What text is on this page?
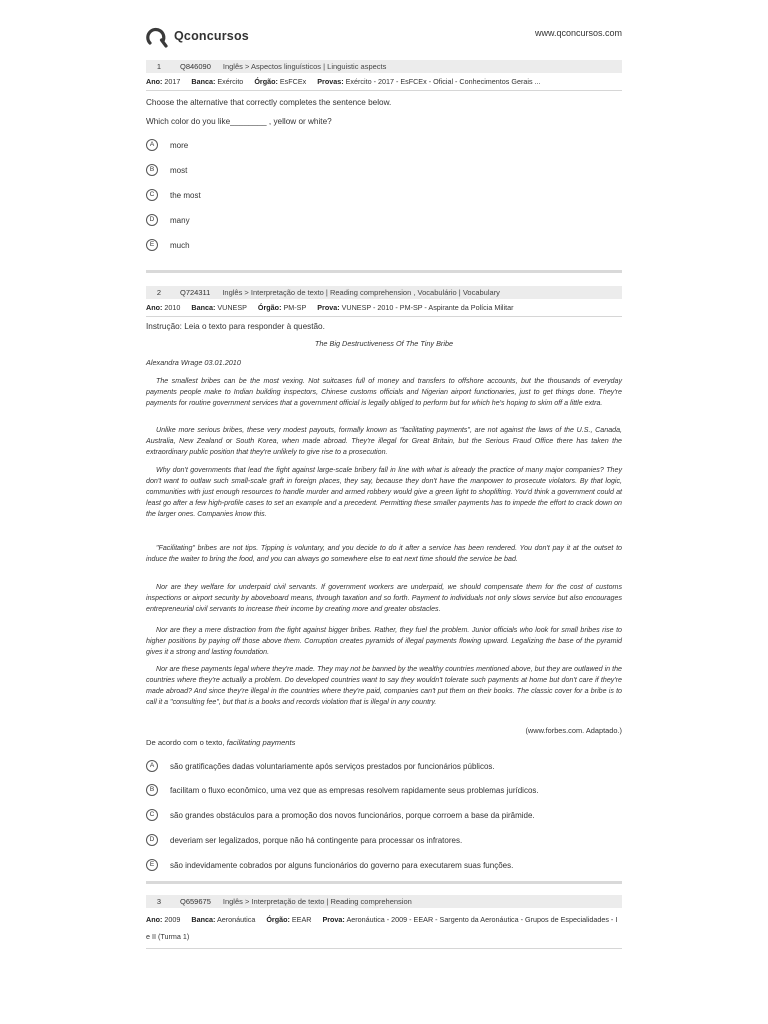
Qconcursos	www.qconcursos.com
1	Q846090 Inglês > Aspectos linguísticos | Linguistic aspects
Ano: 2017 Banca: Exército Órgão: EsFCEx Provas: Exército - 2017 - EsFCEx - Oficial - Conhecimentos Gerais ...
Choose the alternative that correctly completes the sentence below.
Which color do you like________ , yellow or white?
A	more
B	most
C	the most
D	many
E	much
2	Q724311 Inglês > Interpretação de texto | Reading comprehension , Vocabulário | Vocabulary
Ano: 2010 Banca: VUNESP Órgão: PM-SP Prova: VUNESP - 2010 - PM-SP - Aspirante da Polícia Militar
Instrução: Leia o texto para responder à questão.
The Big Destructiveness Of The Tiny Bribe
Alexandra Wrage 03.01.2010

The smallest bribes can be the most vexing. Not suitcases full of money and transfers to offshore accounts, but the thousands of everyday payments people make to Indian building inspectors, Chinese customs officials and Nigerian airport functionaries, just to get things done. They're payments for routine government services that a government official is legally obliged to perform but for which he's hoping to skim off a little extra.

Unlike more serious bribes, these very modest payouts, formally known as "facilitating payments", are not against the laws of the U.S., Canada, Australia, New Zealand or South Korea, when made abroad. They're illegal for Great Britain, but the Serious Fraud Office there has taken the extraordinary public position that they're unlikely to give rise to a prosecution.

Why don't governments that lead the fight against large-scale bribery fall in line with what is already the practice of many major companies? They don't want to outlaw such small-scale graft in foreign places, they say, because they don't have the manpower to prosecute violators. By that logic, communities with just enough resources to handle murder and armed robbery would give a green light to shoplifting. You'd think a government could at least go after a few high-profile cases to set an example and a precedent. Permitting these smaller payments has to impede the effort to crack down on the larger ones. Companies know this.

"Facilitating" bribes are not tips. Tipping is voluntary, and you decide to do it after a service has been rendered. You don't pay it at the outset to induce the waiter to bring the food, and you can always go somewhere else to eat next time should the service be bad.

Nor are they welfare for underpaid civil servants. If government workers are underpaid, we should compensate them for the cost of customs inspections or airport security by aboveboard means, through taxation and so forth. Payment to individuals not only slows service but also encourages entrepreneurial civil servants to increase their income by creating more and greater obstacles.

Nor are they a mere distraction from the fight against bigger bribes. Rather, they fuel the problem. Junior officials who look for small bribes rise to higher positions by paying off those above them. Corruption creates pyramids of illegal payments flowing upward. Legalizing the base of the pyramid gives it a strong and lasting foundation.

Nor are these payments legal where they're made. They may not be banned by the wealthy countries mentioned above, but they are outlawed in the countries where they're actually a problem. Do developed countries want to say they wouldn't tolerate such payments at home but don't care if they're made abroad? And since they're illegal in the countries where they're paid, companies can't put them on their books. The classic cover for a bribe is to call it a "consulting fee", but that is a books and records violation that is illegal in any country.

(www.forbes.com. Adaptado.)
De acordo com o texto, facilitating payments
A	são gratificações dadas voluntariamente após serviços prestados por funcionários públicos.
B	facilitam o fluxo econômico, uma vez que as empresas resolvem rapidamente seus problemas jurídicos.
C	são grandes obstáculos para a promoção dos novos funcionários, porque corroem a base da pirâmide.
D	deveriam ser legalizados, porque não há contingente para processar os infratores.
E	são indevidamente cobrados por alguns funcionários do governo para executarem suas funções.
3	Q659675 Inglês > Interpretação de texto | Reading comprehension
Ano: 2009 Banca: Aeronáutica Órgão: EEAR Prova: Aeronáutica - 2009 - EEAR - Sargento da Aeronáutica - Grupos de Especialidades - I e II (Turma 1)
